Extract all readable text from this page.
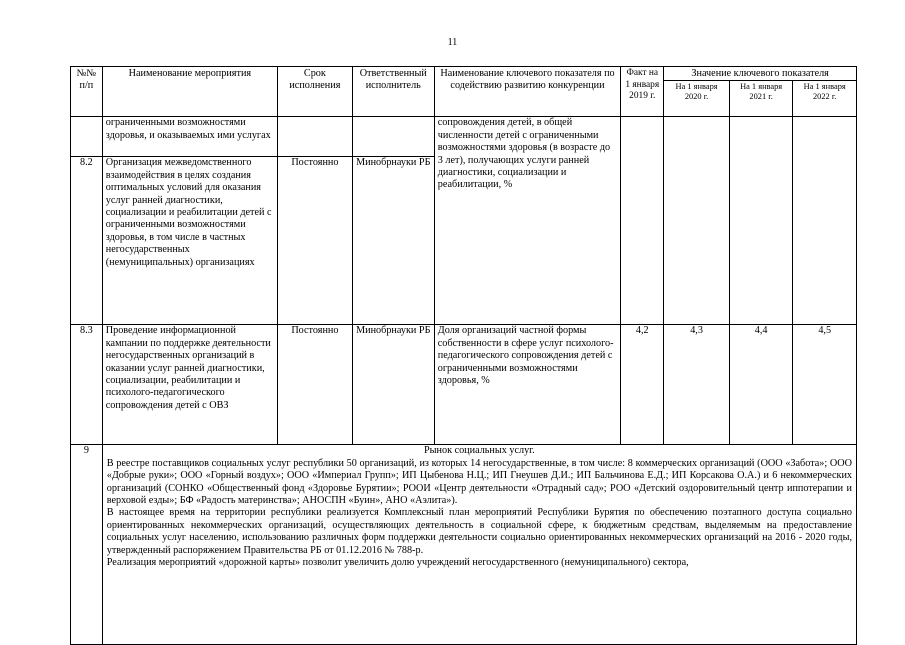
11
№№ п/п	Наименование мероприятия	Срок исполнения	Ответственный исполнитель	Наименование ключевого показателя по содействию развитию конкуренции	Факт на 1 января 2019 г.	Значение ключевого показателя		
						На 1 января 2020 г.	На 1 января 2021 г.	На 1 января 2022 г.
	ограниченными возможностями здоровья, и оказываемых ими услугах			сопровождения детей, в общей численности детей с ограниченными возможностями здоровья (в возрасте до 3 лет), получающих услуги ранней диагностики, социализации и реабилитации, %				
8.2	Организация межведомственного взаимодействия в целях создания оптимальных условий для оказания услуг ранней диагностики, социализации и реабилитации детей с ограниченными возможностями здоровья, в том числе в частных негосударственных (немуниципальных) организациях	Постоянно	Минобрнауки РБ					
8.3	Проведение информационной кампании по поддержке деятельности негосударственных организаций в оказании услуг ранней диагностики, социализации, реабилитации и психолого-педагогического сопровождения детей с ОВЗ	Постоянно	Минобрнауки РБ	Доля организаций частной формы собственности в сфере услуг психолого-педагогического сопровождения детей с ограниченными возможностями здоровья, %	4,2	4,3	4,4	4,5
9	Рынок социальных услуг.

В реестре поставщиков социальных услуг республики 50 организаций, из которых 14 негосударственные, в том числе: 8 коммерческих организаций (ООО «Забота»; ООО «Добрые руки»; ООО «Горный воздух»; ООО «Империал Групп»; ИП Цыбенова Н.Ц.; ИП Гнеушев Д.И.; ИП Бальчинова Е.Д.; ИП Корсакова О.А.) и 6 некоммерческих организаций (СОНКО «Общественный фонд «Здоровье Бурятии»; РООИ «Центр деятельности «Отрадный сад»; РОО «Детский оздоровительный центр иппотерапии и верховой езды»; БФ «Радость материнства»; АНОСПН «Буин», АНО «Аэлита»).

В настоящее время на территории республики реализуется Комплексный план мероприятий Республики Бурятия по обеспечению поэтапного доступа социально ориентированных некоммерческих организаций, осуществляющих деятельность в социальной сфере, к бюджетным средствам, выделяемым на предоставление социальных услуг населению, использованию различных форм поддержки деятельности социально ориентированных некоммерческих организаций на 2016 - 2020 годы, утвержденный распоряжением Правительства РБ от 01.12.2016 № 788-р.

Реализация мероприятий «дорожной карты» позволит увеличить долю учреждений негосударственного (немуниципального) сектора,							
